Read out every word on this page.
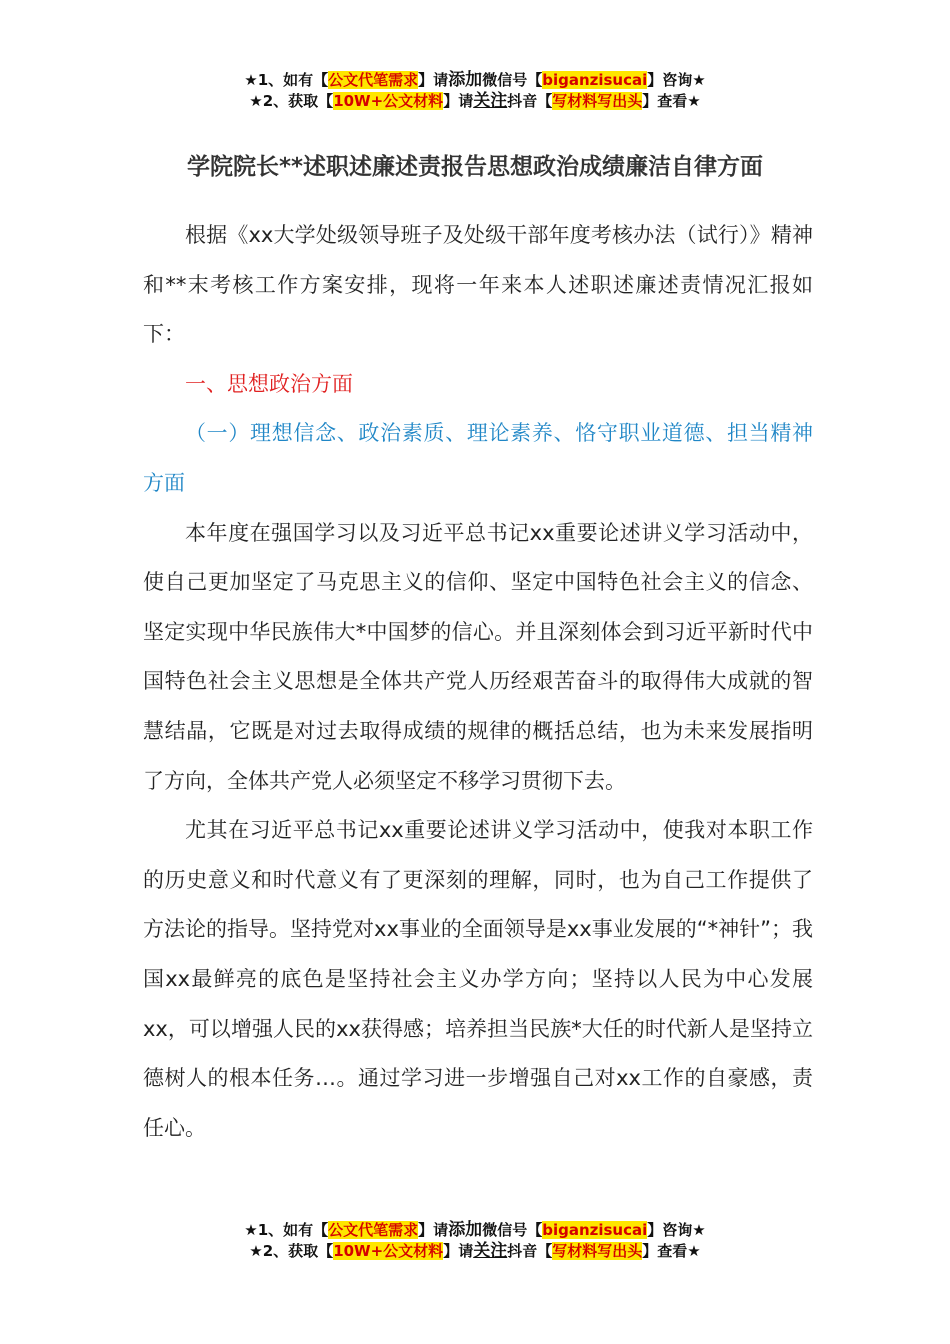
★1、如有【公文代笔需求】请添加微信号【biganzisucai】咨询★
★2、获取【10W+公文材料】请关注抖音【写材料写出头】查看★
学院院长**述职述廉述责报告思想政治成绩廉洁自律方面

根据《xx大学处级领导班子及处级干部年度考核办法（试行）》精神和**末考核工作方案安排，现将一年来本人述职述廉述责情况汇报如下：

一、思想政治方面

（一）理想信念、政治素质、理论素养、恪守职业道德、担当精神方面

本年度在强国学习以及习近平总书记xx重要论述讲义学习活动中，使自己更加坚定了马克思主义的信仰、坚定中国特色社会主义的信念、坚定实现中华民族伟大*中国梦的信心。并且深刻体会到习近平新时代中国特色社会主义思想是全体共产党人历经艰苦奋斗的取得伟大成就的智慧结晶，它既是对过去取得成绩的规律的概括总结，也为未来发展指明了方向，全体共产党人必须坚定不移学习贯彻下去。

尤其在习近平总书记xx重要论述讲义学习活动中，使我对本职工作的历史意义和时代意义有了更深刻的理解，同时，也为自己工作提供了方法论的指导。坚持党对xx事业的全面领导是xx事业发展的“*神针”；我国xx最鲜亮的底色是坚持社会主义办学方向；坚持以人民为中心发展xx，可以增强人民的xx获得感；培养担当民族*大任的时代新人是坚持立德树人的根本任务…。通过学习进一步增强自己对xx工作的自豪感，责任心。

★1、如有【公文代笔需求】请添加微信号【biganzisucai】咨询★
★2、获取【10W+公文材料】请关注抖音【写材料写出头】查看★
